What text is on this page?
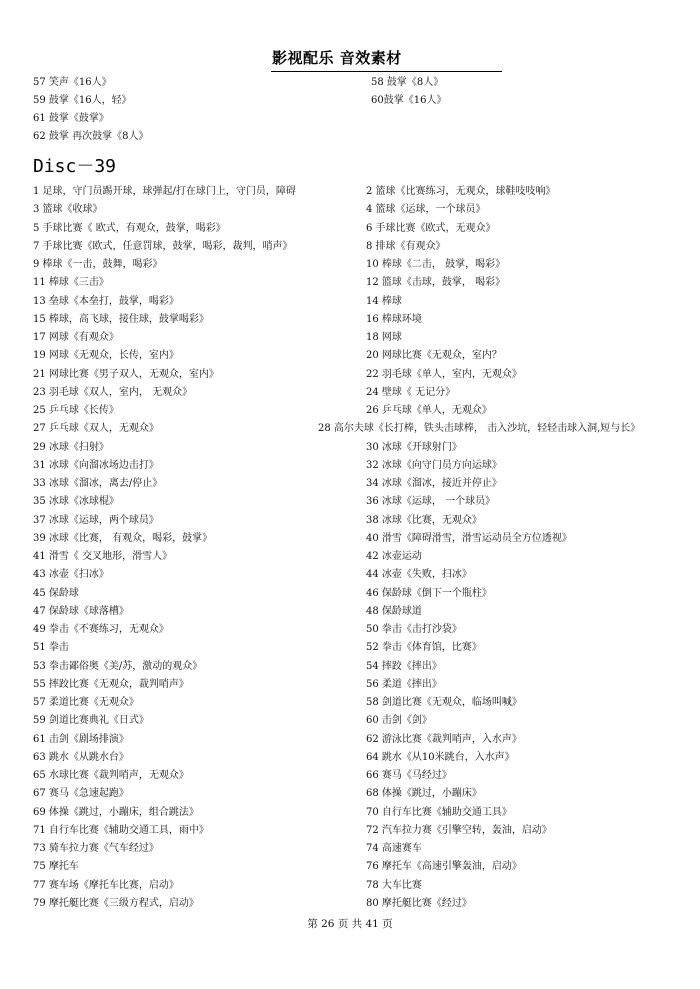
影视配乐 音效素材
57 笑声《16人》	58 鼓掌《8人》
59 鼓掌《16人，轻》	60鼓掌《16人》
61 鼓掌《鼓掌》
62 鼓掌 再次鼓掌《8人》
Disc－39
1 足球，守门员踢开球，球弹起/打在球门上，守门员，障碍	2 篮球《比赛练习，无观众，球鞋吱吱响》
3 篮球《收球》	4 篮球《运球，一个球员》
5 手球比赛《 欧式，有观众，鼓掌，喝彩》	6 手球比赛《欧式，无观众》
7 手球比赛《欧式，任意罚球，鼓掌，喝彩，裁判，哨声》	8 排球《有观众》
9 棒球《一击，鼓舞，喝彩》	10 棒球《二击， 鼓掌，喝彩》
11 棒球《三击》	12 篮球《击球，鼓掌， 喝彩》
13 垒球《本垒打，鼓掌，喝彩》	14 棒球
15 棒球，高飞球，接住球，鼓掌喝彩》	16 棒球环境
17 网球《有观众》	18 网球
19 网球《无观众，长传，室内》	20 网球比赛《无观众，室内？
21 网球比赛《男子双人，无观众，室内》	22 羽毛球《单人，室内，无观众》
23 羽毛球《双人，室内， 无观众》	24 壁球《 无记分》
25 乒乓球《长传》	26 乒乓球《单人，无观众》
27 乒乓球《双人，无观众》	28 高尔夫球《长打棒，铁头击球棒， 击入沙坑，轻轻击球入洞,短与长》
29 冰球《扫射》	30 冰球《开球射门》
31 冰球《向溜冰场边击打》	32 冰球《向守门员方向运球》
33 冰球《溜冰，离去/停止》	34 冰球《溜冰，接近并停止》
35 冰球《冰球棍》	36 冰球《运球， 一个球员》
37 冰球《运球，两个球员》	38 冰球《比赛，无观众》
39 冰球《比赛， 有观众，喝彩，鼓掌》	40 滑雪《障碍滑雪，滑雪运动员全方位透视》
41 滑雪《 交叉地形，滑雪人》	42 冰壶运动
43 冰壶《扫冰》	44 冰壶《失败，扫冰》
45 保龄球	46 保龄球《倒下一个瓶柱》
47 保龄球《球落槽》	48 保龄球道
49 拳击《不赛练习，无观众》	50 拳击《击打沙袋》
51 拳击	52 拳击《体育馆，比赛》
53 拳击鄙俗奥《美/苏，激动的观众》	54 摔跤《摔出》
55 摔跤比赛《无观众，裁判哨声》	56 柔道《摔出》
57 柔道比赛《无观众》	58 剑道比赛《无观众，临场叫喊》
59 剑道比赛典礼《日式》	60 击剑《剑》
61 击剑《剧场排演》	62 游泳比赛《裁判哨声，入水声》
63 跳水《从跳水台》	64 跳水《从10米跳台，入水声》
65 水球比赛《裁判哨声，无观众》	66 赛马《马经过》
67 赛马《急速起跑》	68 体操《跳过，小蹦床》
69 体操《跳过，小蹦床，组合跳法》	70 自行车比赛《辅助交通工具》
71 自行车比赛《辅助交通工具，雨中》	72 汽车拉力赛《引擎空转，轰油，启动》
73 骑车拉力赛《气车经过》	74 高速赛车
75 摩托车	76 摩托车《高速引擎轰油，启动》
77 赛车场《摩托车比赛，启动》	78 大车比赛
79 摩托艇比赛《三级方程式，启动》	80 摩托艇比赛《经过》
第 26 页 共 41 页
